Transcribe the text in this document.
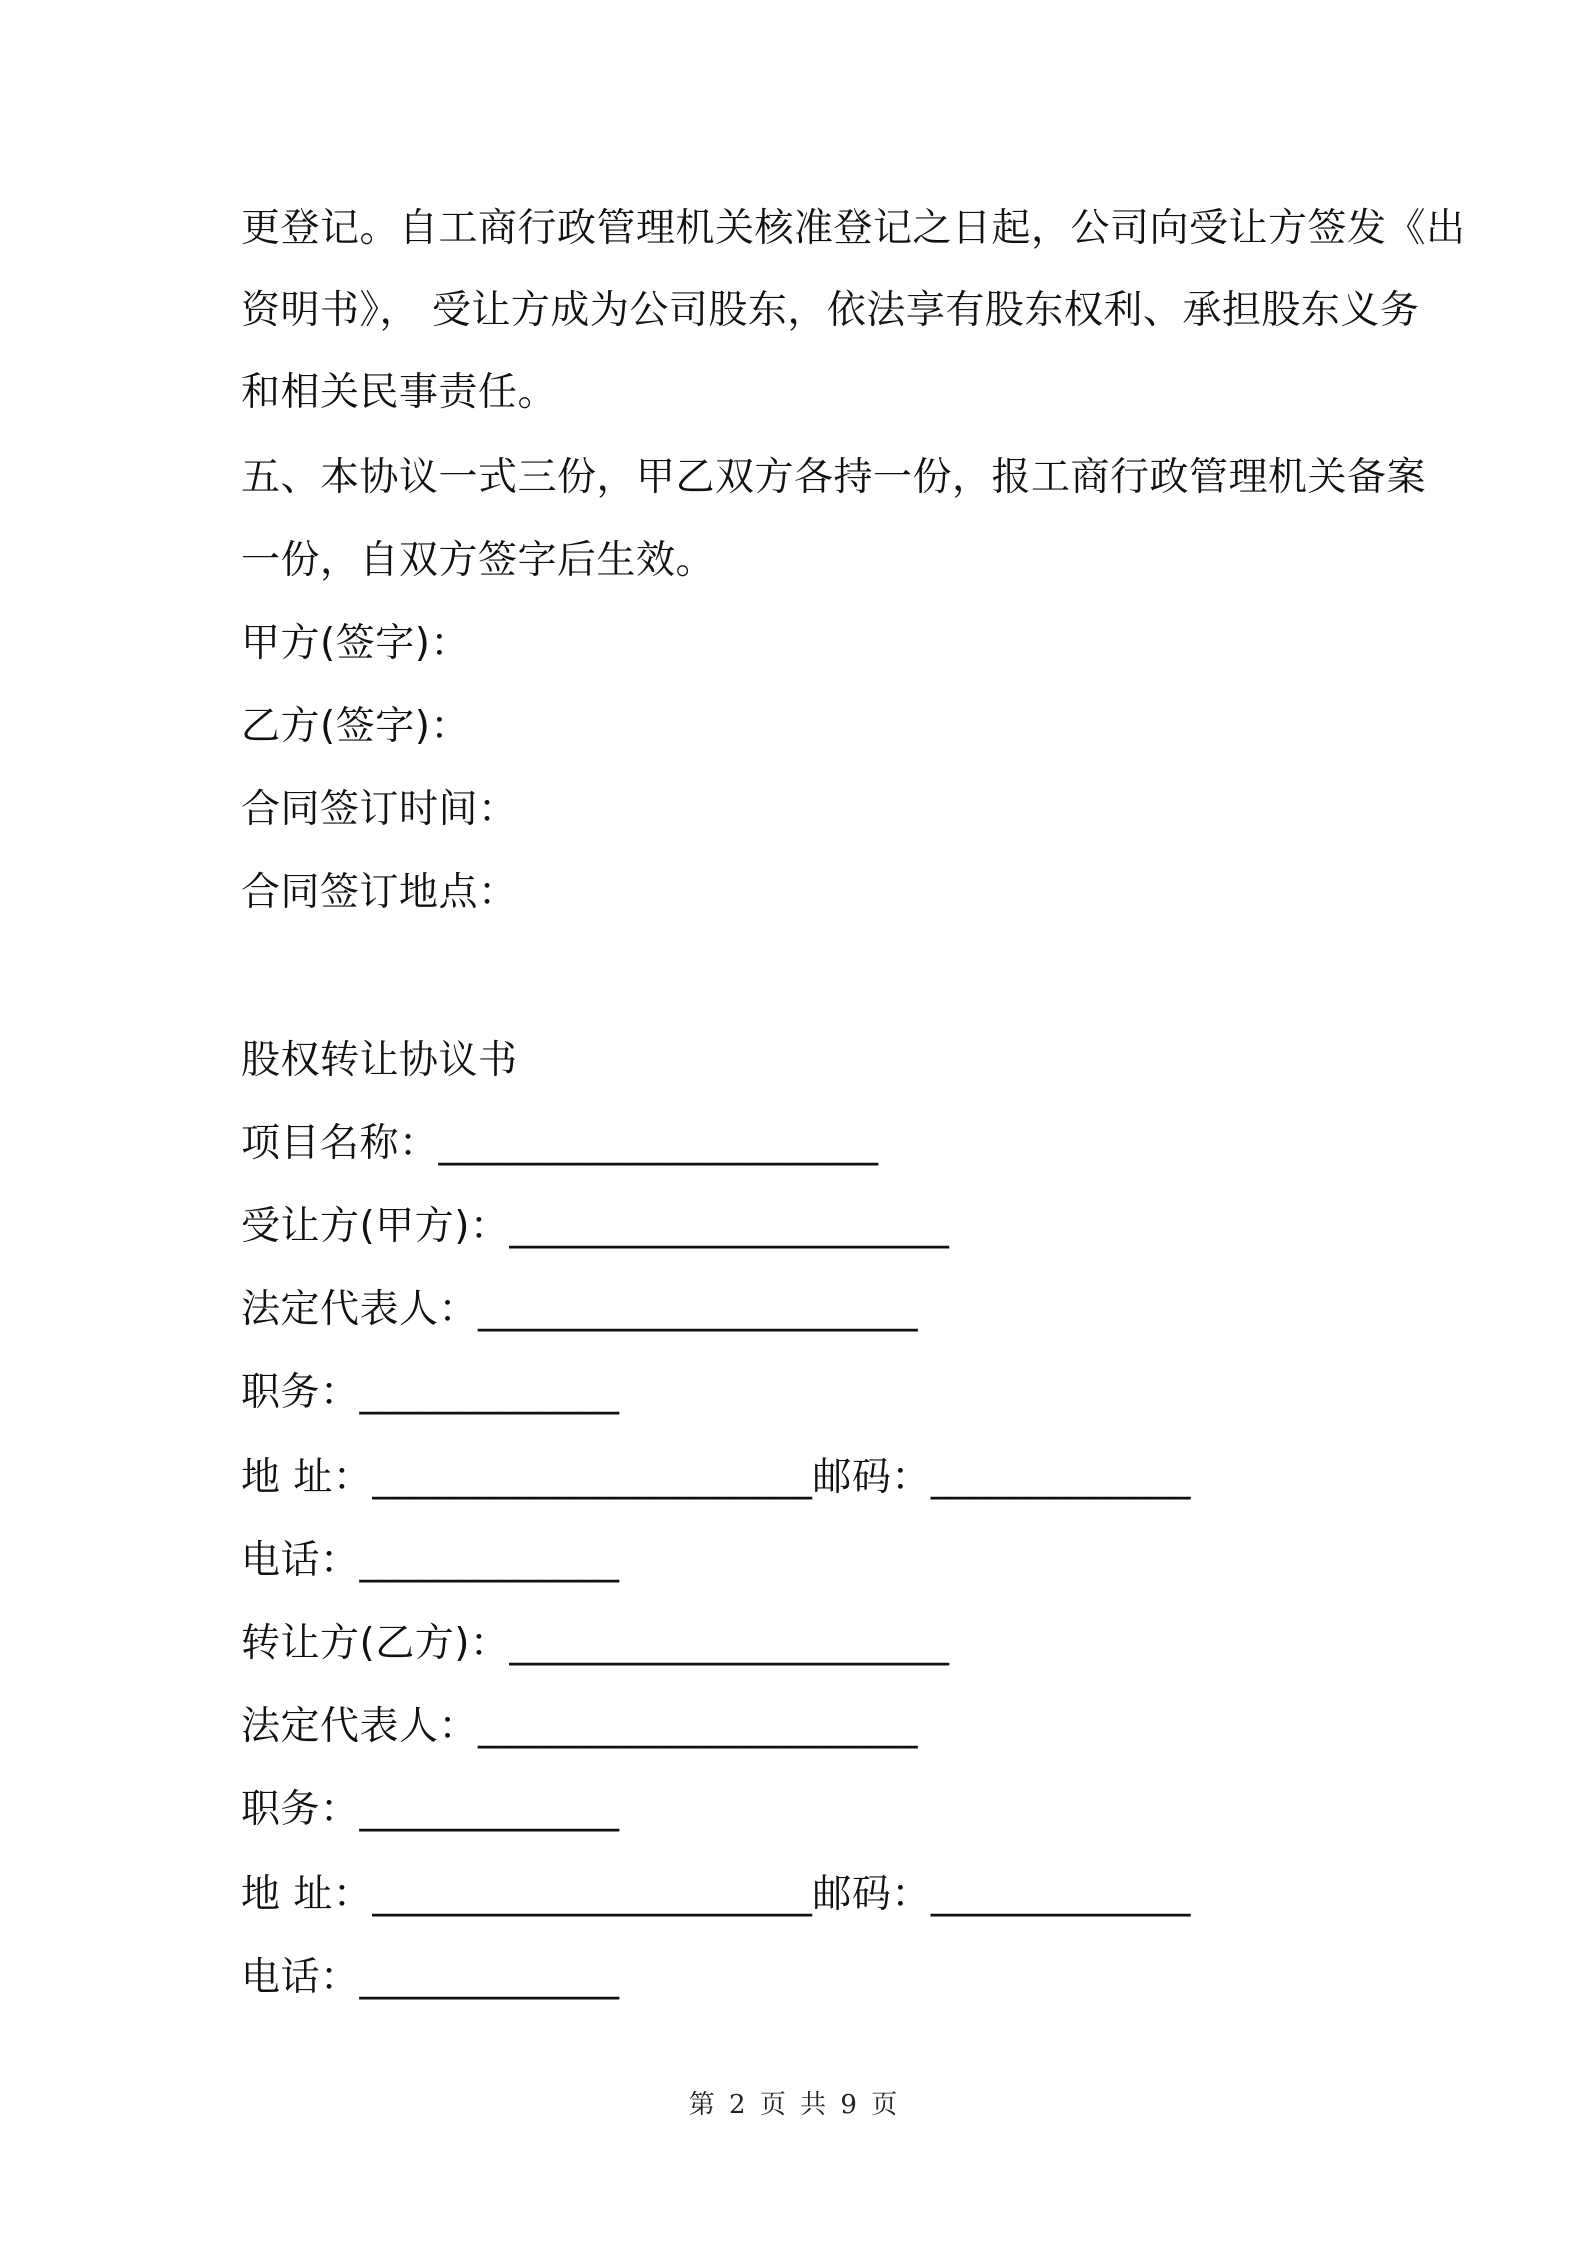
更登记。自工商行政管理机关核准登记之日起，公司向受让方签发《出
资明书》， 受让方成为公司股东，依法享有股东权利、承担股东义务
和相关民事责任。
五、本协议一式三份，甲乙双方各持一份，报工商行政管理机关备案
一份，自双方签字后生效。
甲方(签字)：
乙方(签字)：
合同签订时间：
合同签订地点：
股权转让协议书
项目名称：______________________
受让方(甲方)：______________________
法定代表人：______________________
职务：_____________
地 址：______________________邮码：_____________
电话：_____________
转让方(乙方)：______________________
法定代表人：______________________
职务：_____________
地 址：______________________邮码：_____________
电话：_____________
第 2 页 共 9 页
